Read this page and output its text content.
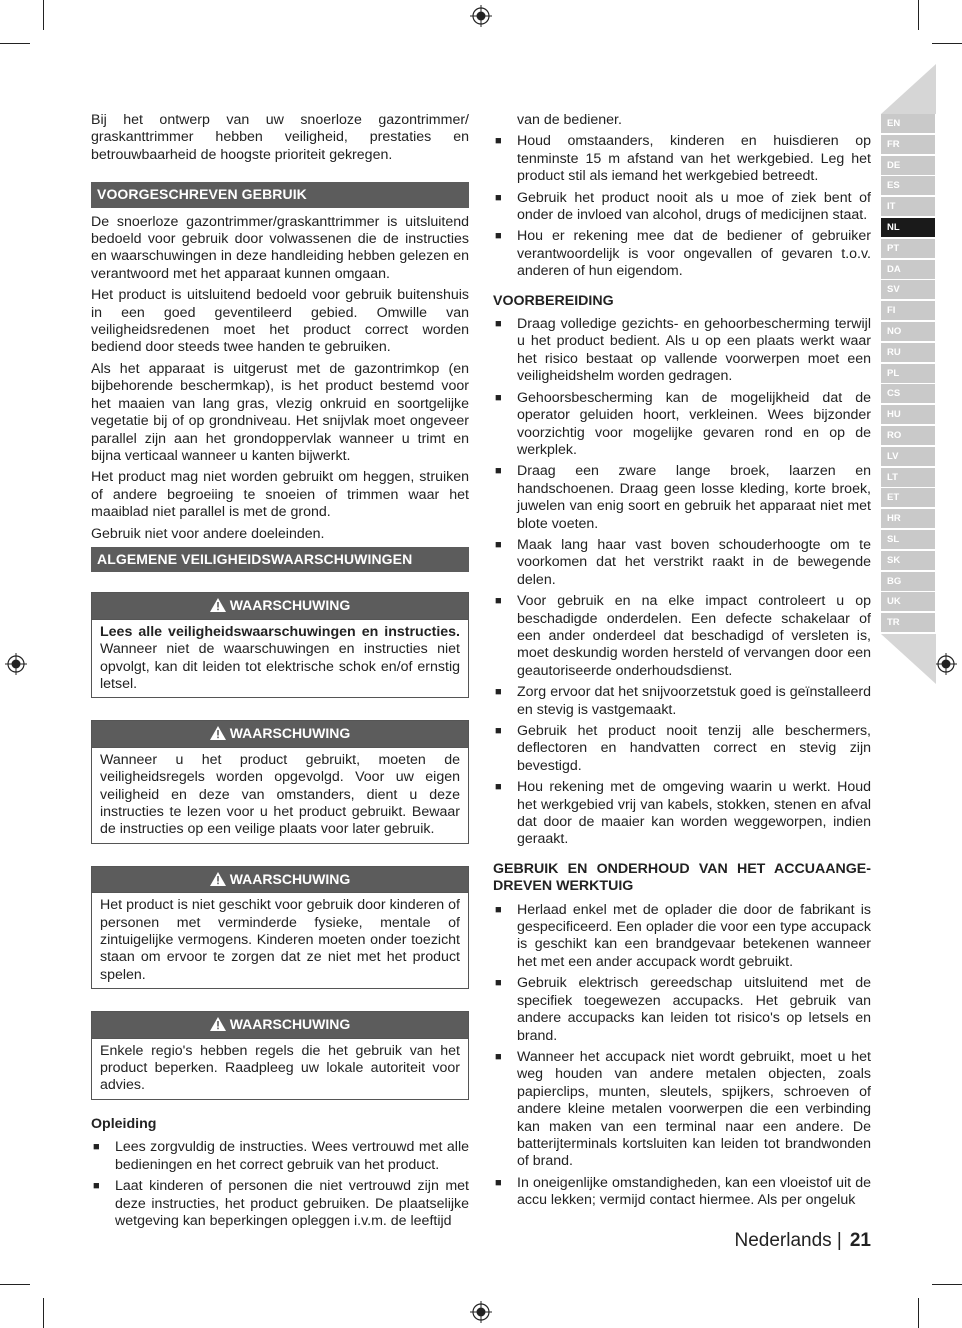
EN
FR
DE
ES
IT
NL
PT
DA
SV
FI
NO
RU
PL
CS
HU
RO
LV
LT
ET
HR
SL
SK
BG
UK
TR

Bij het ontwerp van uw snoerloze gazontrimmer/ graskanttrimmer hebben veiligheid, prestaties en betrouwbaarheid de hoogste prioriteit gekregen.

VOORGESCHREVEN GEBRUIK

De snoerloze gazontrimmer/graskanttrimmer is uitsluitend bedoeld voor gebruik door volwassenen die de instructies en waarschuwingen in deze handleiding hebben gelezen en verantwoord met het apparaat kunnen omgaan.

Het product is uitsluitend bedoeld voor gebruik buitenshuis in een goed geventileerd gebied. Omwille van veiligheidsredenen moet het product correct worden bediend door steeds twee handen te gebruiken.

Als het apparaat is uitgerust met de gazontrimkop (en bijbehorende beschermkap), is het product bestemd voor het maaien van lang gras, vlezig onkruid en soortgelijke vegetatie bij of op grondniveau. Het snijvlak moet ongeveer parallel zijn aan het grondoppervlak wanneer u trimt en bijna verticaal wanneer u kanten bijwerkt.

Het product mag niet worden gebruikt om heggen, struiken of andere begroeiing te snoeien of trimmen waar het maaiblad niet parallel is met de grond.

Gebruik niet voor andere doeleinden.

ALGEMENE VEILIGHEIDSWAARSCHUWINGEN
WAARSCHUWING

Lees alle veiligheidswaarschuwingen en instructies. Wanneer niet de waarschuwingen en instructies niet opvolgt, kan dit leiden tot elektrische schok en/of ernstig letsel.

WAARSCHUWING

Wanneer u het product gebruikt, moeten de veiligheidsregels worden opgevolgd. Voor uw eigen veiligheid en deze van omstanders, dient u deze instructies te lezen voor u het product gebruikt. Bewaar de instructies op een veilige plaats voor later gebruik.

WAARSCHUWING

Het product is niet geschikt voor gebruik door kinderen of personen met verminderde fysieke, mentale of zintuigelijke vermogens. Kinderen moeten onder toezicht staan om ervoor te zorgen dat ze niet met het product spelen.

WAARSCHUWING

Enkele regio's hebben regels die het gebruik van het product beperken. Raadpleeg uw lokale autoriteit voor advies.

Opleiding
■ Lees zorgvuldig de instructies. Wees vertrouwd met alle bedieningen en het correct gebruik van het product.
■ Laat kinderen of personen die niet vertrouwd zijn met deze instructies, het product gebruiken. De plaatselijke wetgeving kan beperkingen opleggen i.v.m. de leeftijd

van de bediener.

■ Houd omstaanders, kinderen en huisdieren op tenminste 15 m afstand van het werkgebied. Leg het product stil als iemand het werkgebied betreedt.
■ Gebruik het product nooit als u moe of ziek bent of onder de invloed van alcohol, drugs of medicijnen staat.
■ Hou er rekening mee dat de bediener of gebruiker verantwoordelijk is voor ongevallen of gevaren t.o.v. anderen of hun eigendom.
VOORBEREIDING
■ Draag volledige gezichts- en gehoorbescherming terwijl u het product bedient. Als u op een plaats werkt waar het risico bestaat op vallende voorwerpen moet een veiligheidshelm worden gedragen.
■ Gehoorsbescherming kan de mogelijkheid dat de operator geluiden hoort, verkleinen. Wees bijzonder voorzichtig voor mogelijke gevaren rond en op de werkplek.
■ Draag een zware lange broek, laarzen en handschoenen. Draag geen losse kleding, korte broek, juwelen van enig soort en gebruik het apparaat niet met blote voeten.
■ Maak lang haar vast boven schouderhoogte om te voorkomen dat het verstrikt raakt in de bewegende delen.
■ Voor gebruik en na elke impact controleert u op beschadigde onderdelen. Een defecte schakelaar of een ander onderdeel dat beschadigd of versleten is, moet deskundig worden hersteld of vervangen door een geautoriseerde onderhoudsdienst.
■ Zorg ervoor dat het snijvoorzetstuk goed is geïnstalleerd en stevig is vastgemaakt.
■ Gebruik het product nooit tenzij alle beschermers, deflectoren en handvatten correct en stevig zijn bevestigd.
■ Hou rekening met de omgeving waarin u werkt. Houd het werkgebied vrij van kabels, stokken, stenen en afval dat door de maaier kan worden weggeworpen, indien geraakt.
GEBRUIK EN ONDERHOUD VAN HET ACCUAANGE-DREVEN WERKTUIG
■ Herlaad enkel met de oplader die door de fabrikant is gespecificeerd. Een oplader die voor een type accupack is geschikt kan een brandgevaar betekenen wanneer het met een ander accupack wordt gebruikt.
■ Gebruik elektrisch gereedschap uitsluitend met de specifiek toegewezen accupacks. Het gebruik van andere accupacks kan leiden tot risico's op letsels en brand.
■ Wanneer het accupack niet wordt gebruikt, moet u het weg houden van andere metalen objecten, zoals papierclips, munten, sleutels, spijkers, schroeven of andere kleine metalen voorwerpen die een verbinding kan maken van een terminal naar een andere. De batterijterminals kortsluiten kan leiden tot brandwonden of brand.
■ In oneigenlijke omstandigheden, kan een vloeistof uit de accu lekken; vermijd contact hiermee. Als per ongeluk
Nederlands | 21
